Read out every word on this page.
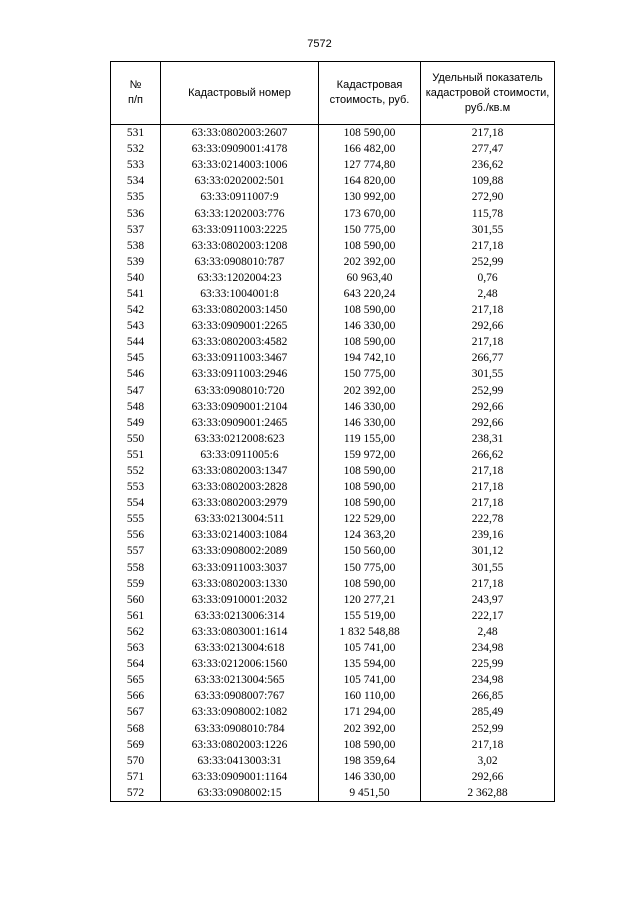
7572
№
п/п	Кадастровый номер	Кадастровая стоимость, руб.	Удельный показатель кадастровой стоимости, руб./кв.м
531	63:33:0802003:2607	108 590,00	217,18
532	63:33:0909001:4178	166 482,00	277,47
533	63:33:0214003:1006	127 774,80	236,62
534	63:33:0202002:501	164 820,00	109,88
535	63:33:0911007:9	130 992,00	272,90
536	63:33:1202003:776	173 670,00	115,78
537	63:33:0911003:2225	150 775,00	301,55
538	63:33:0802003:1208	108 590,00	217,18
539	63:33:0908010:787	202 392,00	252,99
540	63:33:1202004:23	60 963,40	0,76
541	63:33:1004001:8	643 220,24	2,48
542	63:33:0802003:1450	108 590,00	217,18
543	63:33:0909001:2265	146 330,00	292,66
544	63:33:0802003:4582	108 590,00	217,18
545	63:33:0911003:3467	194 742,10	266,77
546	63:33:0911003:2946	150 775,00	301,55
547	63:33:0908010:720	202 392,00	252,99
548	63:33:0909001:2104	146 330,00	292,66
549	63:33:0909001:2465	146 330,00	292,66
550	63:33:0212008:623	119 155,00	238,31
551	63:33:0911005:6	159 972,00	266,62
552	63:33:0802003:1347	108 590,00	217,18
553	63:33:0802003:2828	108 590,00	217,18
554	63:33:0802003:2979	108 590,00	217,18
555	63:33:0213004:511	122 529,00	222,78
556	63:33:0214003:1084	124 363,20	239,16
557	63:33:0908002:2089	150 560,00	301,12
558	63:33:0911003:3037	150 775,00	301,55
559	63:33:0802003:1330	108 590,00	217,18
560	63:33:0910001:2032	120 277,21	243,97
561	63:33:0213006:314	155 519,00	222,17
562	63:33:0803001:1614	1 832 548,88	2,48
563	63:33:0213004:618	105 741,00	234,98
564	63:33:0212006:1560	135 594,00	225,99
565	63:33:0213004:565	105 741,00	234,98
566	63:33:0908007:767	160 110,00	266,85
567	63:33:0908002:1082	171 294,00	285,49
568	63:33:0908010:784	202 392,00	252,99
569	63:33:0802003:1226	108 590,00	217,18
570	63:33:0413003:31	198 359,64	3,02
571	63:33:0909001:1164	146 330,00	292,66
572	63:33:0908002:15	9 451,50	2 362,88
